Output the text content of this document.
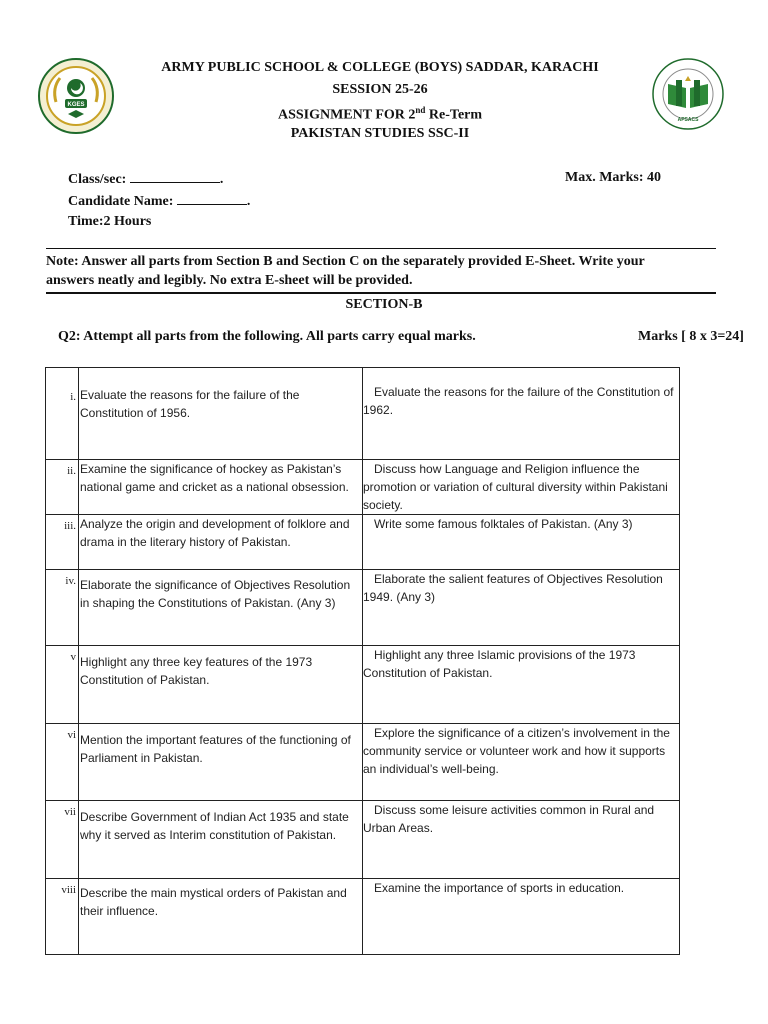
KGES
APSACS
ARMY PUBLIC SCHOOL & COLLEGE (BOYS) SADDAR, KARACHI
SESSION 25-26
ASSIGNMENT FOR 2nd Re-Term
PAKISTAN STUDIES SSC-II
Class/sec:	.	Max. Marks: 40
Candidate Name:	.
Time:2 Hours
Note: Answer all parts from Section B and Section C on the separately provided E-Sheet. Write your
answers neatly and legibly. No extra E-sheet will be provided.
SECTION-B
Q2: Attempt all parts from the following. All parts carry equal marks.	Marks [ 8 x 3=24]
i.	Evaluate the reasons for the failure of the Constitution of 1956.	Evaluate the reasons for the failure of the Constitution of 1962.

ii.	Examine the significance of hockey as Pakistan’s national game and cricket as a national obsession.	Discuss how Language and Religion influence the promotion or variation of cultural diversity within Pakistani society.

iii.	Analyze the origin and development of folklore and drama in the literary history of Pakistan.	Write some famous folktales of Pakistan. (Any 3)

iv.	Elaborate the significance of Objectives Resolution in shaping the Constitutions of Pakistan. (Any 3)	Elaborate the salient features of Objectives Resolution 1949. (Any 3)

v	Highlight any three key features of the 1973 Constitution of Pakistan.	Highlight any three Islamic provisions of the 1973 Constitution of Pakistan.

vi	Mention the important features of the functioning of Parliament in Pakistan.	Explore the significance of a citizen’s involvement in the community service or volunteer work and how it supports an individual’s well-being.

vii	Describe Government of Indian Act 1935 and state why it served as Interim constitution of Pakistan.	Discuss some leisure activities common in Rural and Urban Areas.

viii	Describe the main mystical orders of Pakistan and their influence.	Examine the importance of sports in education.
